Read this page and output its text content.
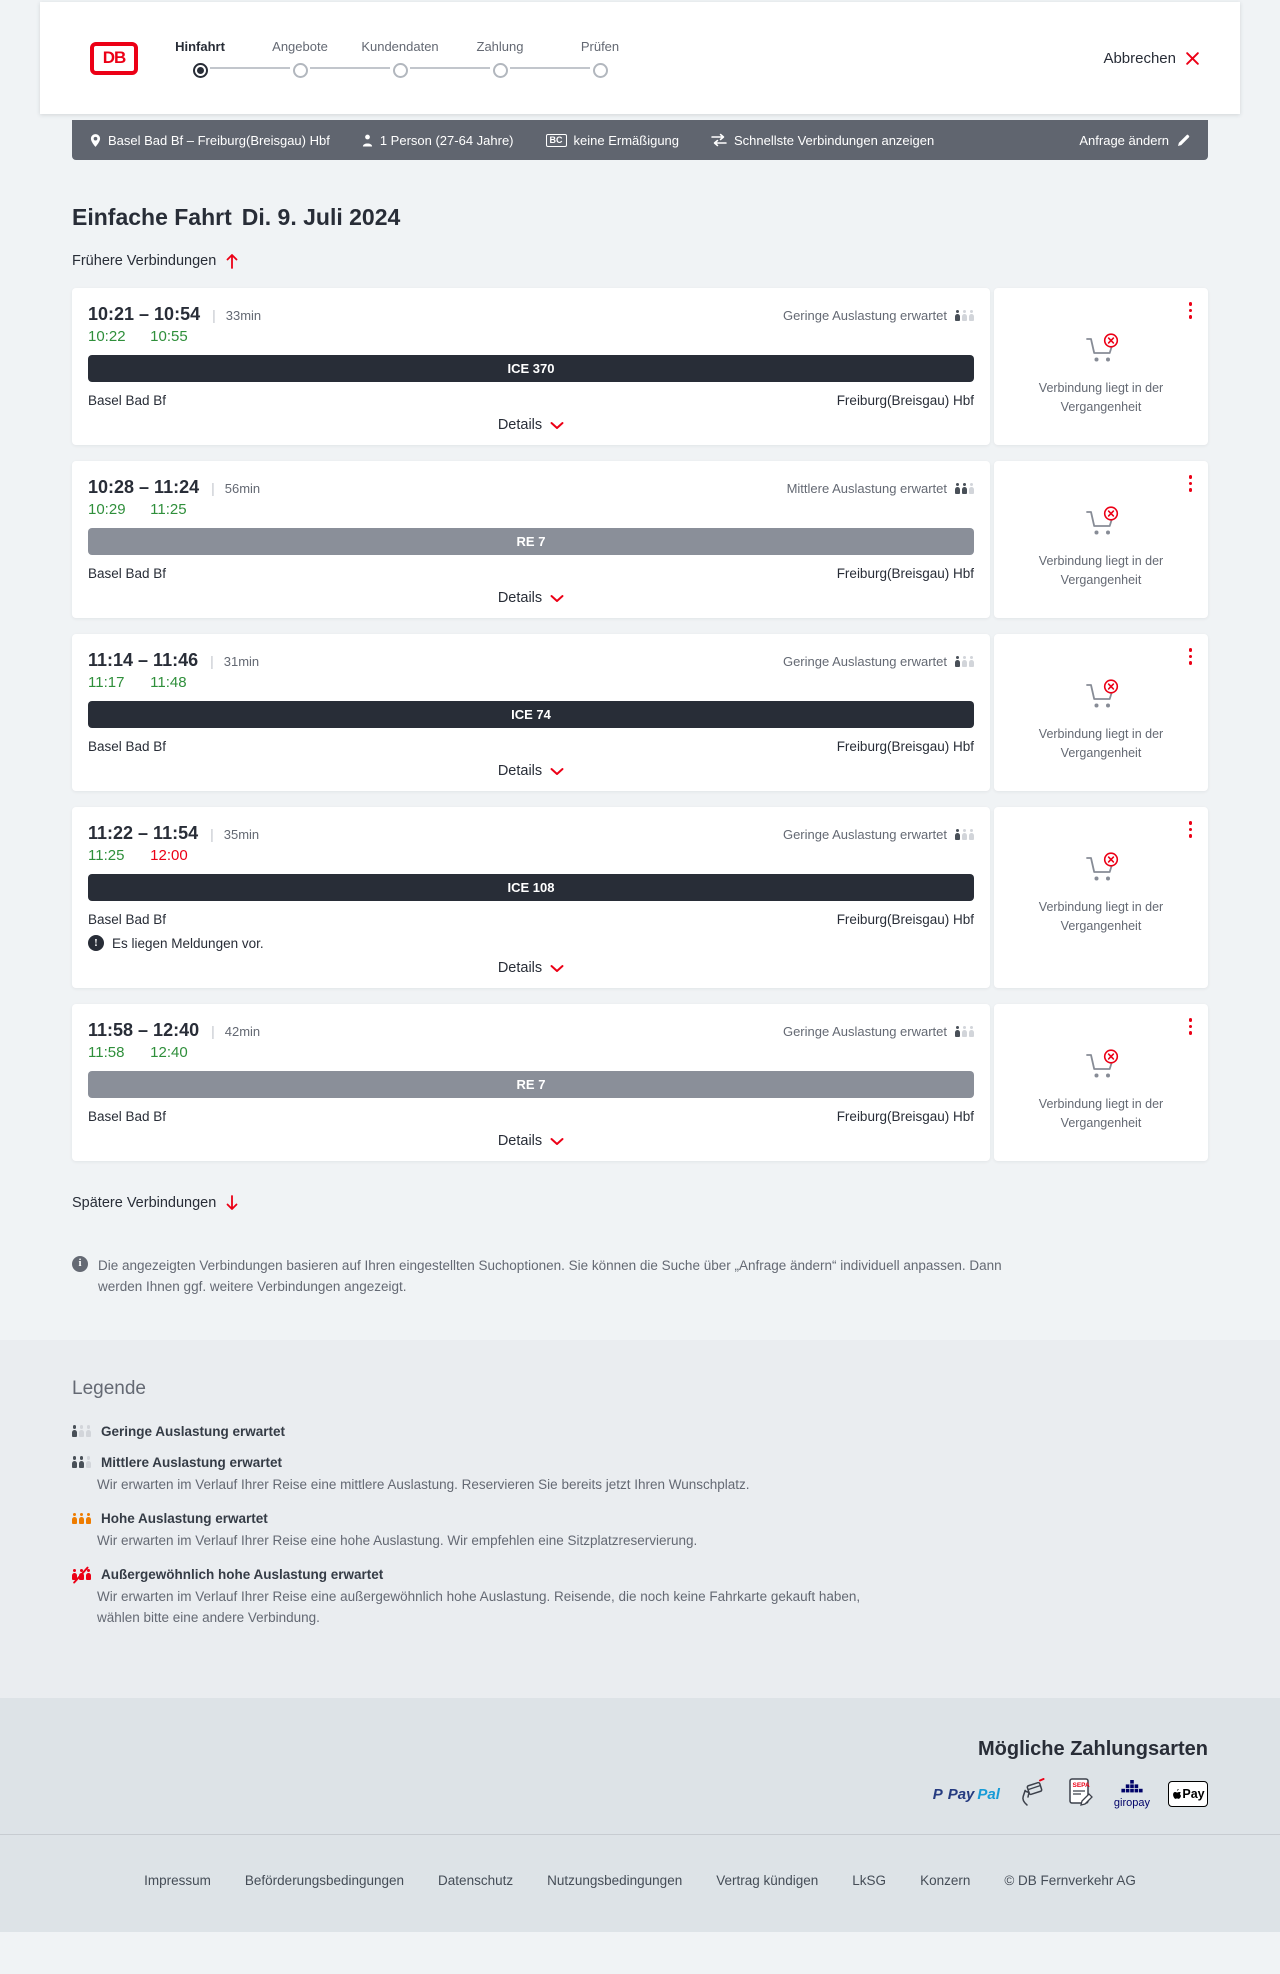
DB
Hinfahrt	Angebote	Kundendaten	Zahlung	Prüfen
Abbrechen
Basel Bad Bf – Freiburg(Breisgau) Hbf	1 Person (27-64 Jahre)	BC keine Ermäßigung	Schnellste Verbindungen anzeigen	Anfrage ändern
Einfache Fahrt Di. 9. Juli 2024
Frühere Verbindungen
10:21 – 10:54 | 33min	Geringe Auslastung erwartet
10:22 10:55
ICE 370
Basel Bad Bf	Freiburg(Breisgau) Hbf
Details

Verbindung liegt in der Vergangenheit

10:28 – 11:24 | 56min	Mittlere Auslastung erwartet
10:29 11:25
RE 7
Basel Bad Bf	Freiburg(Breisgau) Hbf
Details

Verbindung liegt in der Vergangenheit

11:14 – 11:46 | 31min	Geringe Auslastung erwartet
11:17 11:48
ICE 74
Basel Bad Bf	Freiburg(Breisgau) Hbf
Details

Verbindung liegt in der Vergangenheit

11:22 – 11:54 | 35min	Geringe Auslastung erwartet
11:25 12:00
ICE 108
Basel Bad Bf	Freiburg(Breisgau) Hbf
!	Es liegen Meldungen vor.
Details

Verbindung liegt in der Vergangenheit

11:58 – 12:40 | 42min	Geringe Auslastung erwartet
11:58 12:40
RE 7
Basel Bad Bf	Freiburg(Breisgau) Hbf
Details

Verbindung liegt in der Vergangenheit

Spätere Verbindungen
i	Die angezeigten Verbindungen basieren auf Ihren eingestellten Suchoptionen. Sie können die Suche über „Anfrage ändern“ individuell anpassen. Dann werden Ihnen ggf. weitere Verbindungen angezeigt.
Legende
Geringe Auslastung erwartet
Mittlere Auslastung erwartet

Wir erwarten im Verlauf Ihrer Reise eine mittlere Auslastung. Reservieren Sie bereits jetzt Ihren Wunschplatz.

Hohe Auslastung erwartet

Wir erwarten im Verlauf Ihrer Reise eine hohe Auslastung. Wir empfehlen eine Sitzplatzreservierung.

Außergewöhnlich hohe Auslastung erwartet

Wir erwarten im Verlauf Ihrer Reise eine außergewöhnlich hohe Auslastung. Reisende, die noch keine Fahrkarte gekauft haben, wählen bitte eine andere Verbindung.

Mögliche Zahlungsarten
P Pay Pal
SEPA
giropay
Pay
Impressum	Beförderungsbedingungen	Datenschutz	Nutzungsbedingungen	Vertrag kündigen	LkSG	Konzern	© DB Fernverkehr AG
